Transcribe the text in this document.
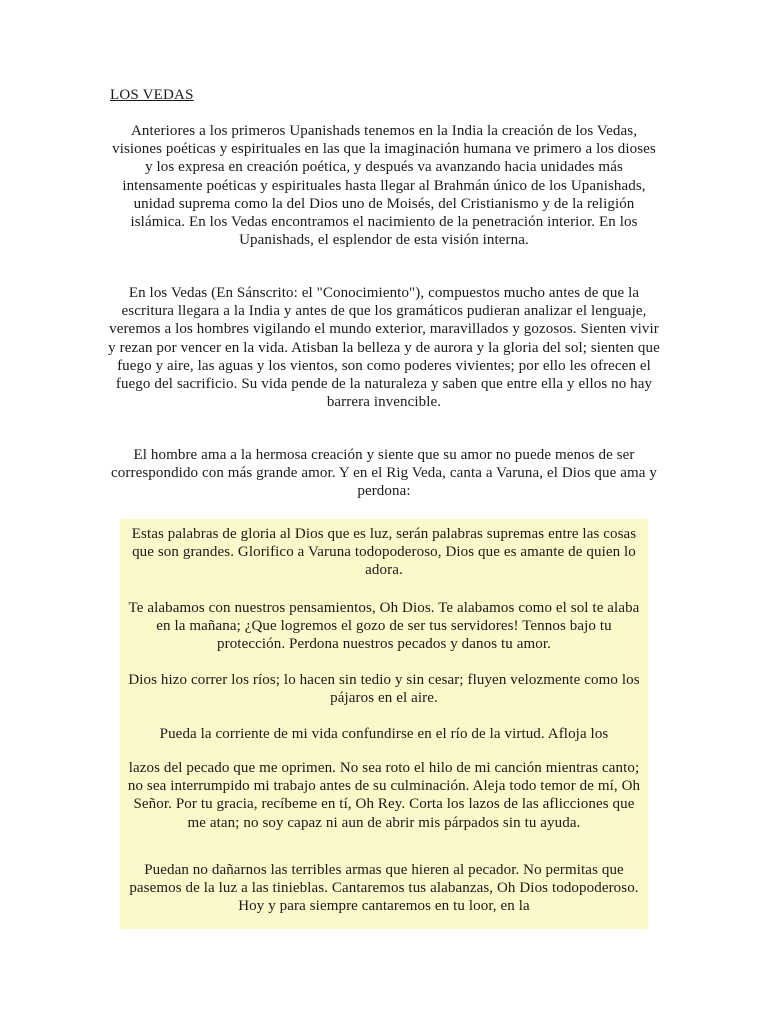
LOS VEDAS
Anteriores a los primeros Upanishads tenemos en la India la creación de los Vedas, visiones poéticas y espirituales en las que la imaginación humana ve primero a los dioses y los expresa en creación poética, y después va avanzando hacia unidades más intensamente poéticas y espirituales hasta llegar al Brahmán único de los Upanishads, unidad suprema como la del Dios uno de Moisés, del Cristianismo y de la religión islámica. En los Vedas encontramos el nacimiento de la penetración interior. En los Upanishads, el esplendor de esta visión interna.
En los Vedas (En Sánscrito: el "Conocimiento"), compuestos mucho antes de que la escritura llegara a la India y antes de que los gramáticos pudieran analizar el lenguaje, veremos a los hombres vigilando el mundo exterior, maravillados y gozosos. Sienten vivir y rezan por vencer en la vida. Atisban la belleza y de aurora y la gloria del sol; sienten que fuego y aire, las aguas y los vientos, son como poderes vivientes; por ello les ofrecen el fuego del sacrificio. Su vida pende de la naturaleza y saben que entre ella y ellos no hay barrera invencible.
El hombre ama a la hermosa creación y siente que su amor no puede menos de ser correspondido con más grande amor. Y en el Rig Veda, canta a Varuna, el Dios que ama y perdona:
Estas palabras de gloria al Dios que es luz, serán palabras supremas entre las cosas que son grandes. Glorifico a Varuna todopoderoso, Dios que es amante de quien lo adora.
Te alabamos con nuestros pensamientos, Oh Dios. Te alabamos como el sol te alaba en la mañana; ¿Que logremos el gozo de ser tus servidores! Tennos bajo tu protección. Perdona nuestros pecados y danos tu amor.
Dios hizo correr los ríos; lo hacen sin tedio y sin cesar; fluyen velozmente como los pájaros en el aire.
Pueda la corriente de mi vida confundirse en el río de la virtud. Afloja los
lazos del pecado que me oprimen. No sea roto el hilo de mi canción mientras canto; no sea interrumpido mi trabajo antes de su culminación. Aleja todo temor de mí, Oh Señor. Por tu gracia, recíbeme en tí, Oh Rey. Corta los lazos de las aflicciones que me atan; no soy capaz ni aun de abrir mis párpados sin tu ayuda.
Puedan no dañarnos las terribles armas que hieren al pecador. No permitas que pasemos de la luz a las tinieblas. Cantaremos tus alabanzas, Oh Dios todopoderoso. Hoy y para siempre cantaremos en tu loor, en la
